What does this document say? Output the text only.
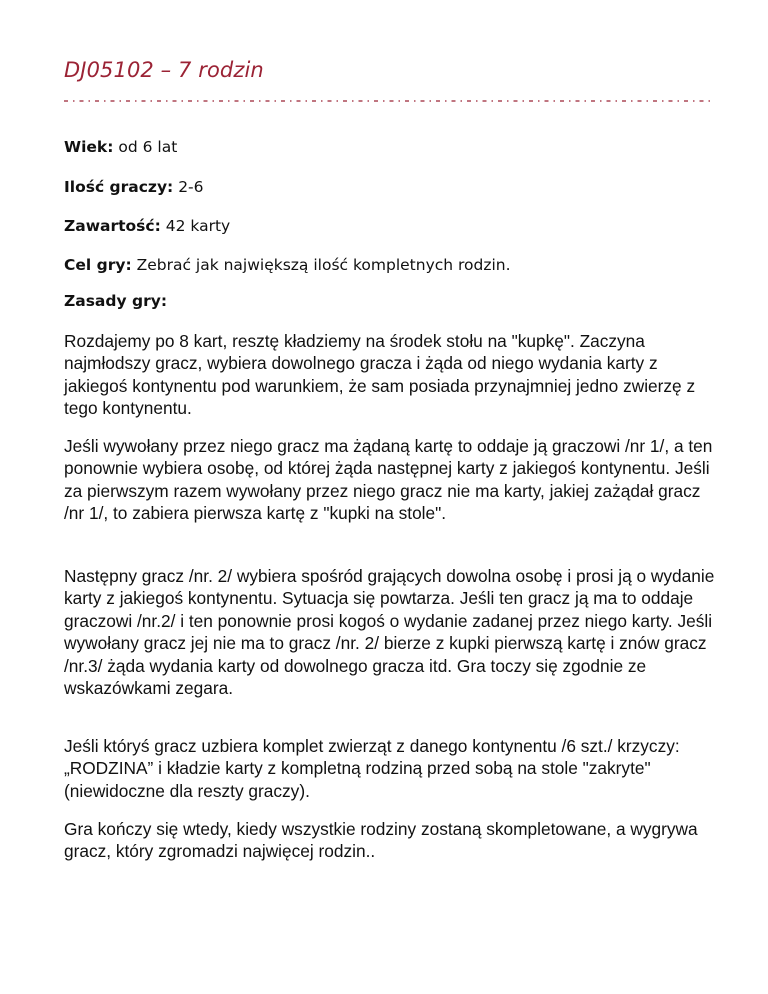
DJ05102 – 7 rodzin
Wiek: od 6 lat
Ilość graczy: 2-6
Zawartość: 42 karty
Cel gry: Zebrać jak największą ilość kompletnych rodzin.
Zasady gry:

Rozdajemy po 8 kart, resztę kładziemy na środek stołu na "kupkę". Zaczyna najmłodszy gracz, wybiera dowolnego gracza i żąda od niego wydania karty z jakiegoś kontynentu pod warunkiem, że sam posiada przynajmniej jedno zwierzę z tego kontynentu.

Jeśli wywołany przez niego gracz ma żądaną kartę to oddaje ją graczowi /nr 1/, a ten ponownie wybiera osobę, od której żąda następnej karty z jakiegoś kontynentu. Jeśli za pierwszym razem wywołany przez niego gracz nie ma karty, jakiej zażądał gracz /nr 1/, to zabiera pierwsza kartę z "kupki na stole".

Następny gracz /nr. 2/ wybiera spośród grających dowolna osobę i prosi ją o wydanie karty z jakiegoś kontynentu. Sytuacja się powtarza. Jeśli ten gracz ją ma to oddaje graczowi /nr.2/ i ten ponownie prosi kogoś o wydanie zadanej przez niego karty. Jeśli wywołany gracz jej nie ma to gracz /nr. 2/ bierze z kupki pierwszą kartę i znów gracz /nr.3/ żąda wydania karty od dowolnego gracza itd. Gra toczy się zgodnie ze wskazówkami zegara.

Jeśli któryś gracz uzbiera komplet zwierząt z danego kontynentu /6 szt./ krzyczy: „RODZINA” i kładzie karty z kompletną rodziną przed sobą na stole "zakryte" (niewidoczne dla reszty graczy).

Gra kończy się wtedy, kiedy wszystkie rodziny zostaną skompletowane, a wygrywa gracz, który zgromadzi najwięcej rodzin..
